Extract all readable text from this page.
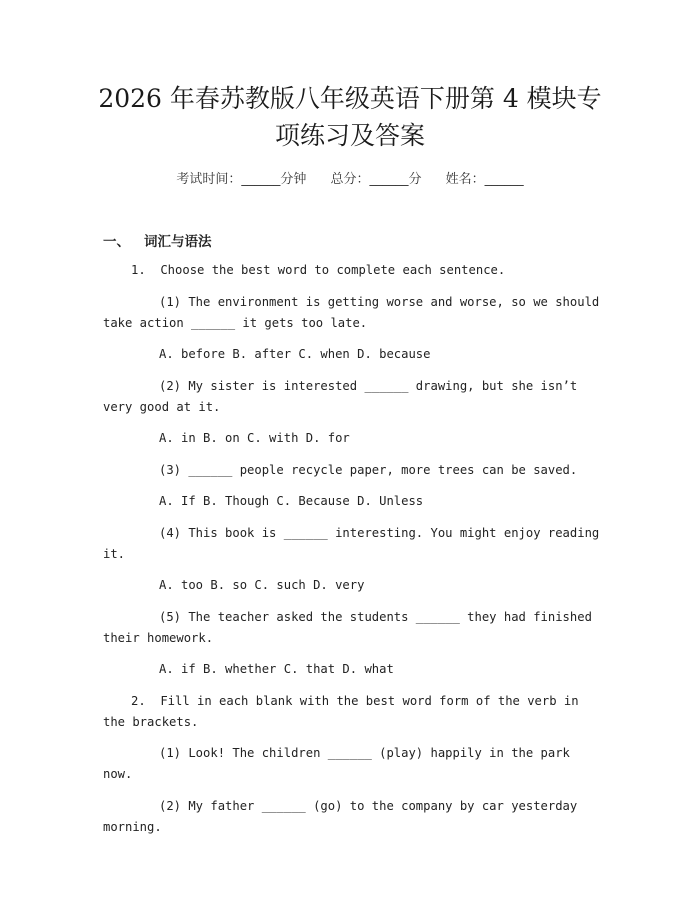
2026 年春苏教版八年级英语下册第 4 模块专
项练习及答案
考试时间：______分钟 总分：______分 姓名：______
一、 词汇与语法

1.  Choose the best word to complete each sentence.

(1) The environment is getting worse and worse, so we should take action ______ it gets too late.

A. before B. after C. when D. because

(2) My sister is interested ______ drawing, but she isn’t very good at it.

A. in B. on C. with D. for

(3) ______ people recycle paper, more trees can be saved.

A. If B. Though C. Because D. Unless

(4) This book is ______ interesting. You might enjoy reading it.

A. too B. so C. such D. very

(5) The teacher asked the students ______ they had finished their homework.

A. if B. whether C. that D. what

2.  Fill in each blank with the best word form of the verb in the brackets.

(1) Look! The children ______ (play) happily in the park now.

(2) My father ______ (go) to the company by car yesterday morning.
